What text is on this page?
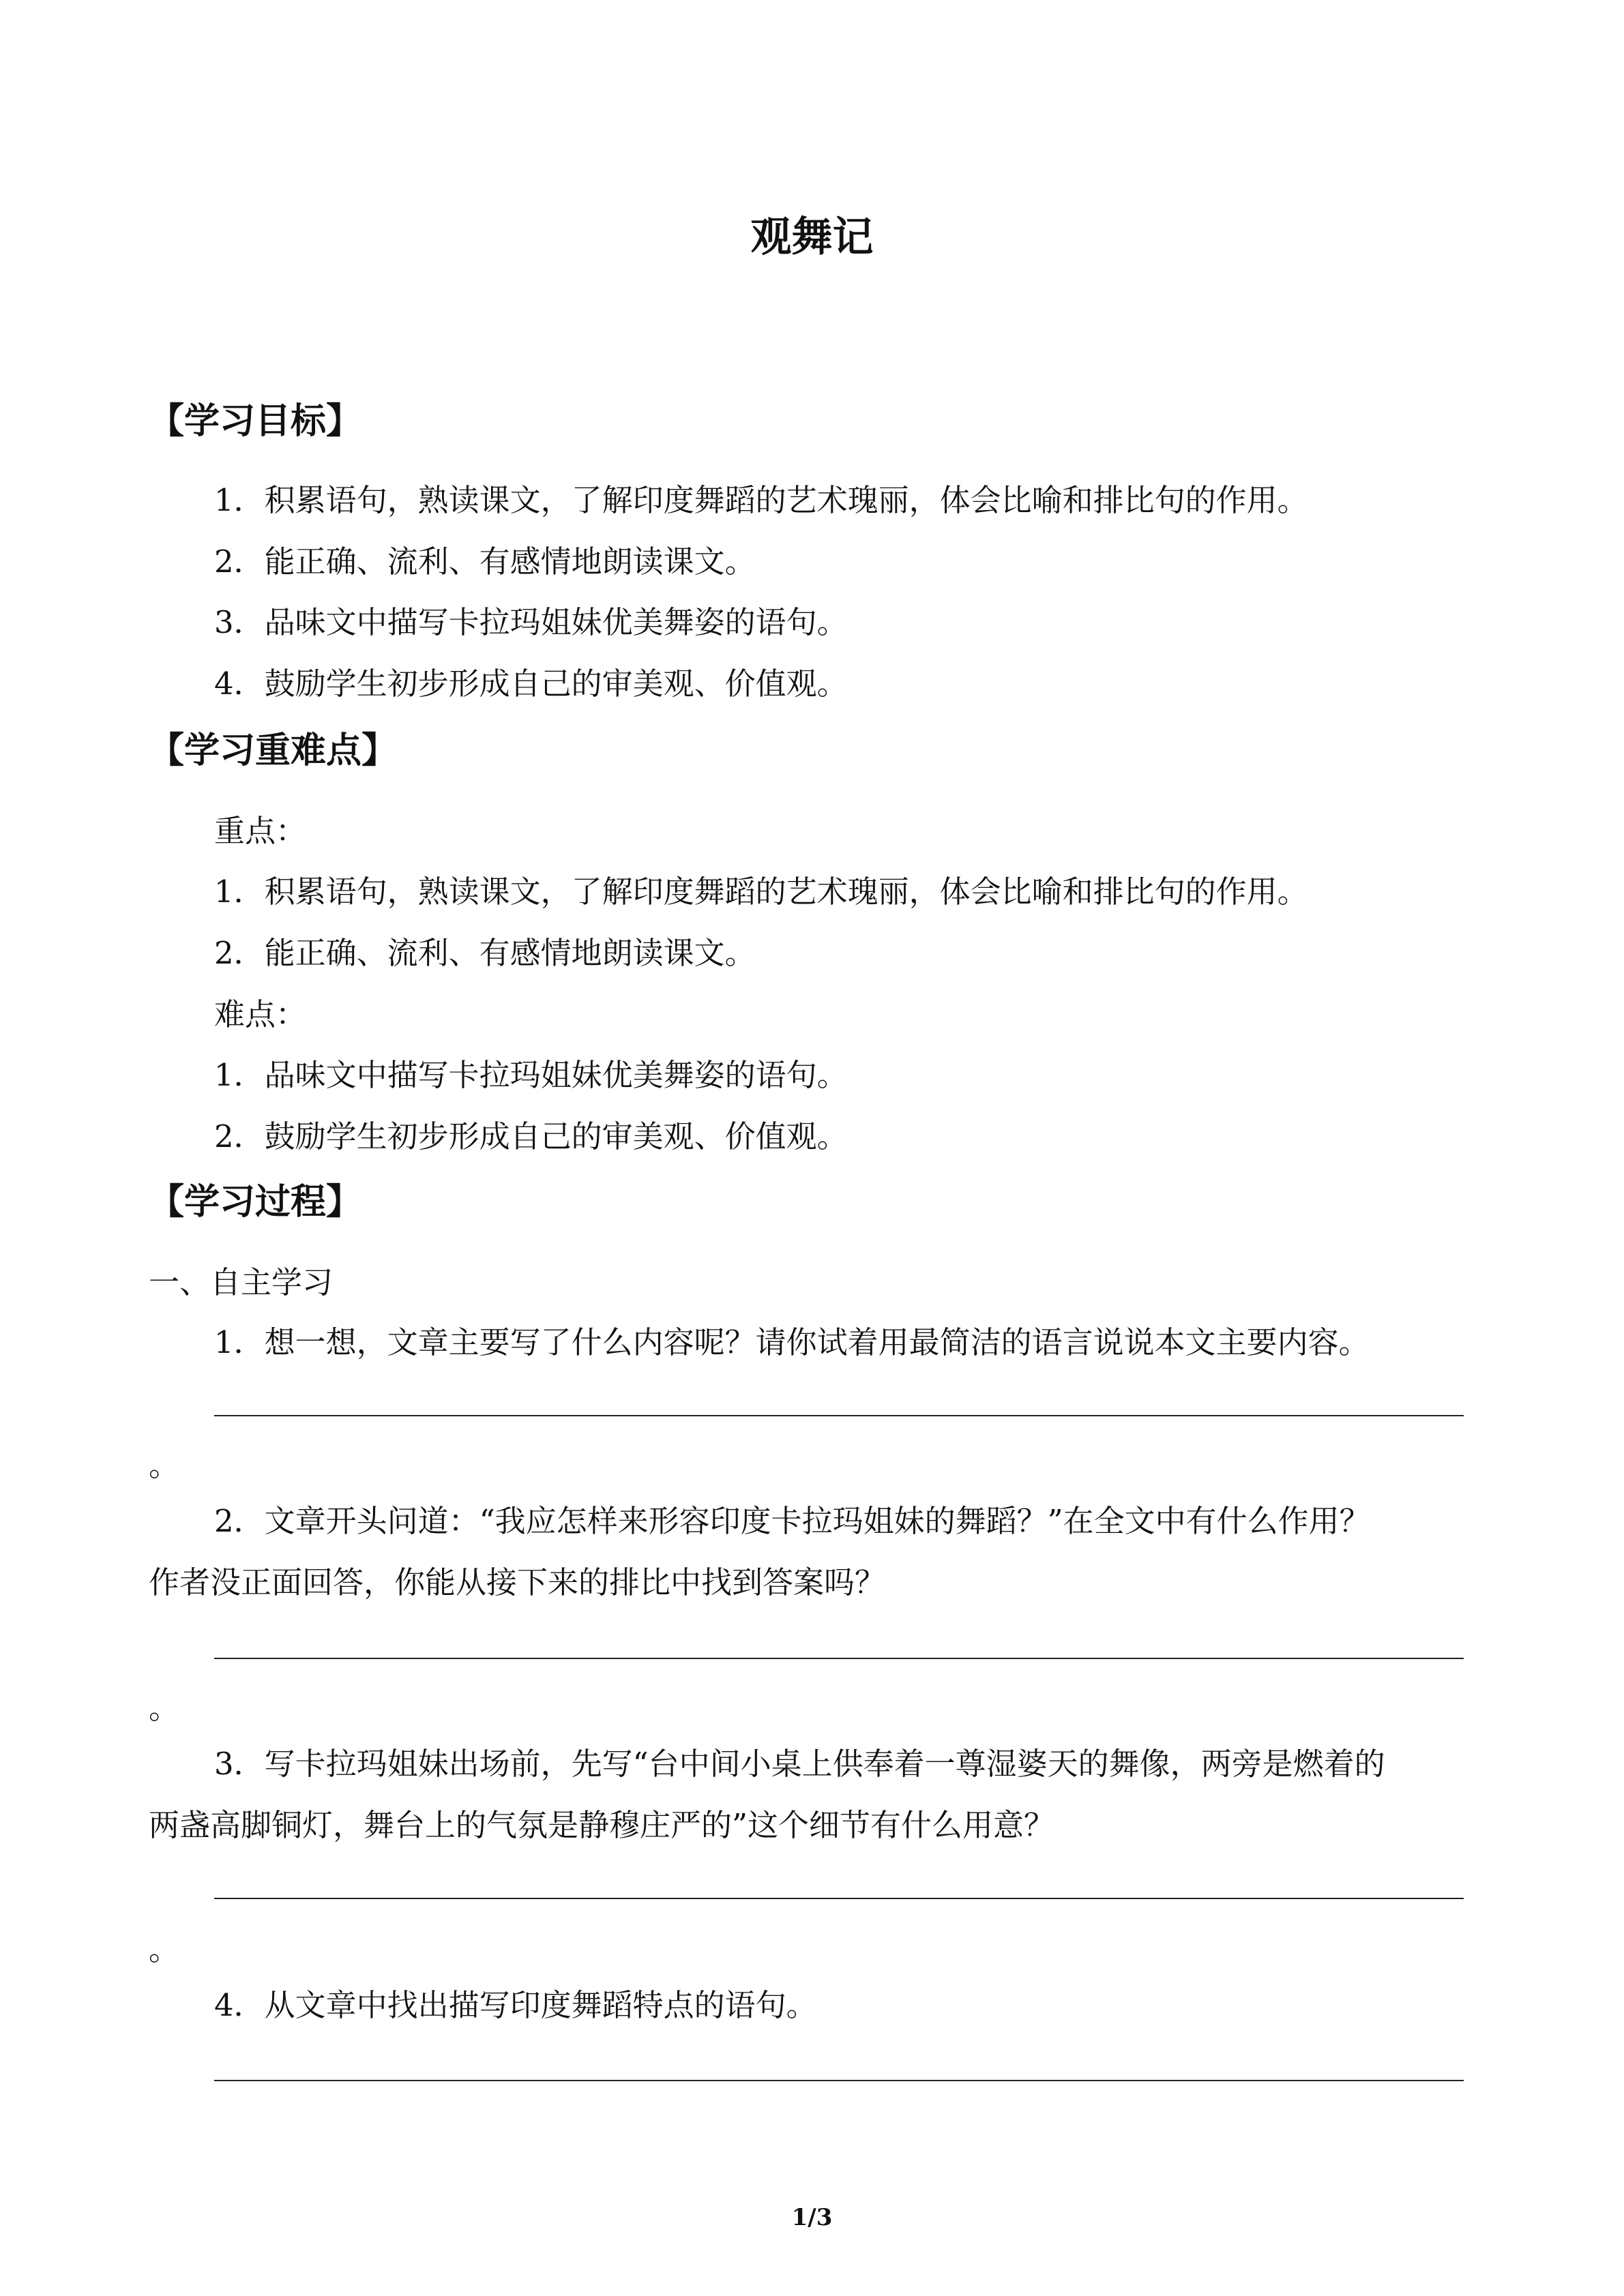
观舞记
【学习目标】
1．积累语句，熟读课文，了解印度舞蹈的艺术瑰丽，体会比喻和排比句的作用。
2．能正确、流利、有感情地朗读课文。
3．品味文中描写卡拉玛姐妹优美舞姿的语句。
4．鼓励学生初步形成自己的审美观、价值观。
【学习重难点】
重点：
1．积累语句，熟读课文，了解印度舞蹈的艺术瑰丽，体会比喻和排比句的作用。
2．能正确、流利、有感情地朗读课文。
难点：
1．品味文中描写卡拉玛姐妹优美舞姿的语句。
2．鼓励学生初步形成自己的审美观、价值观。
【学习过程】
一、自主学习
1．想一想，文章主要写了什么内容呢？请你试着用最简洁的语言说说本文主要内容。
。
2．文章开头问道：“我应怎样来形容印度卡拉玛姐妹的舞蹈？”在全文中有什么作用？
作者没正面回答，你能从接下来的排比中找到答案吗？
。
3．写卡拉玛姐妹出场前，先写“台中间小桌上供奉着一尊湿婆天的舞像，两旁是燃着的
两盏高脚铜灯，舞台上的气氛是静穆庄严的”这个细节有什么用意？
。
4．从文章中找出描写印度舞蹈特点的语句。
1/3
